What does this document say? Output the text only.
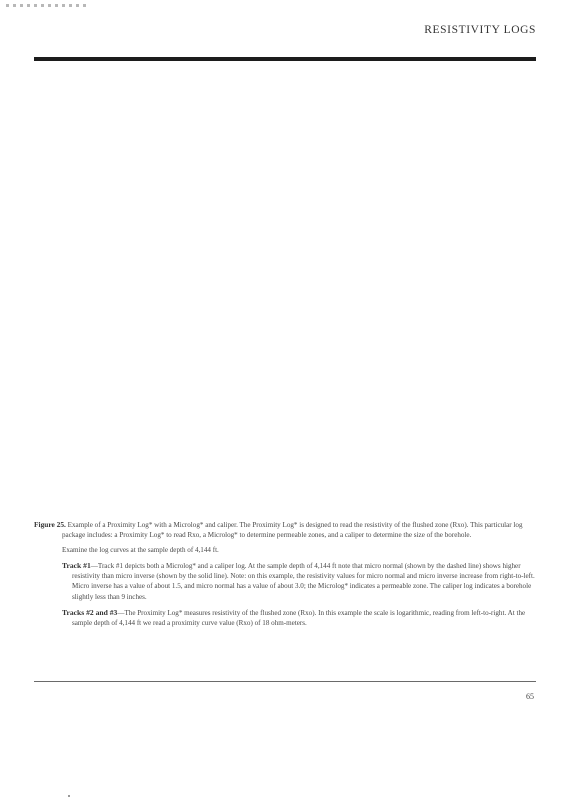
RESISTIVITY LOGS

Figure 25. Example of a Proximity Log* with a Microlog* and caliper. The Proximity Log* is designed to read the resistivity of the flushed zone (Rxo). This particular log package includes: a Proximity Log* to read Rxo, a Microlog* to determine permeable zones, and a caliper to determine the size of the borehole.

Examine the log curves at the sample depth of 4,144 ft.

Track #1—Track #1 depicts both a Microlog* and a caliper log. At the sample depth of 4,144 ft note that micro normal (shown by the dashed line) shows higher resistivity than micro inverse (shown by the solid line). Note: on this example, the resistivity values for micro normal and micro inverse increase from right-to-left. Micro inverse has a value of about 1.5, and micro normal has a value of about 3.0; the Microlog* indicates a permeable zone. The caliper log indicates a borehole slightly less than 9 inches.

Tracks #2 and #3—The Proximity Log* measures resistivity of the flushed zone (Rxo). In this example the scale is logarithmic, reading from left-to-right. At the sample depth of 4,144 ft we read a proximity curve value (Rxo) of 18 ohm-meters.

65
